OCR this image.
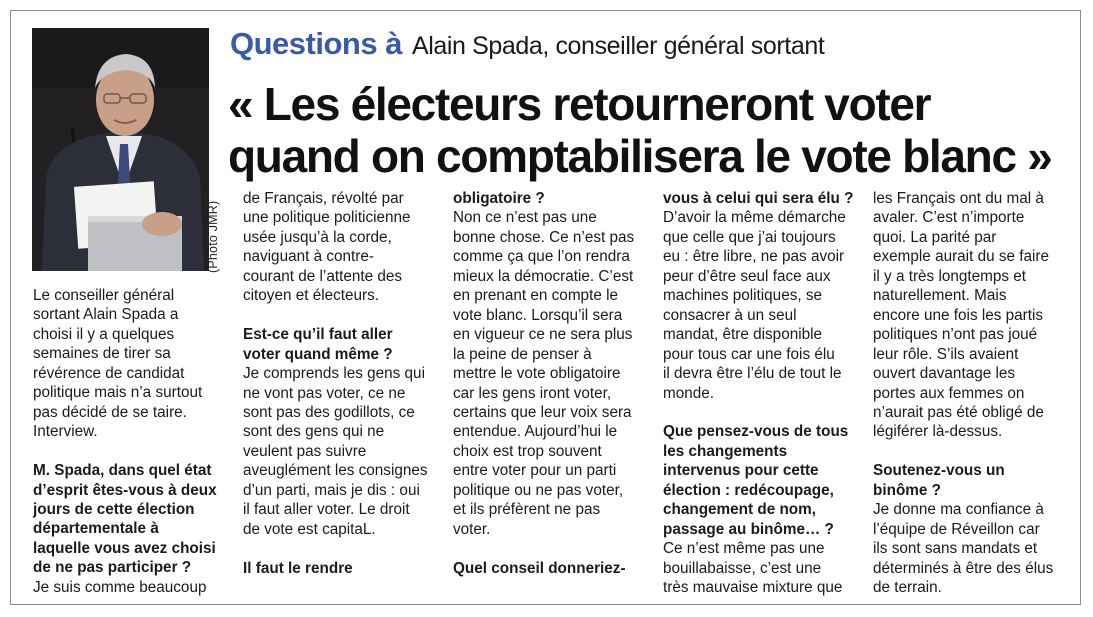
(Photo JMR)
Questions à Alain Spada, conseiller général sortant
« Les électeurs retourneront voter
quand on comptabilisera le vote blanc »
Le conseiller général
sortant Alain Spada a
choisi il y a quelques
semaines de tirer sa
révérence de candidat
politique mais n’a surtout
pas décidé de se taire.
Interview.
M. Spada, dans quel état
d’esprit êtes-vous à deux
jours de cette élection
départementale à
laquelle vous avez choisi
de ne pas participer ?
Je suis comme beaucoup
de Français, révolté par
une politique politicienne
usée jusqu’à la corde,
naviguant à contre-
courant de l’attente des
citoyen et électeurs.
Est-ce qu’il faut aller
voter quand même ?
Je comprends les gens qui
ne vont pas voter, ce ne
sont pas des godillots, ce
sont des gens qui ne
veulent pas suivre
aveuglément les consignes
d’un parti, mais je dis : oui
il faut aller voter. Le droit
de vote est capitaL.
Il faut le rendre
obligatoire ?
Non ce n’est pas une
bonne chose. Ce n’est pas
comme ça que l’on rendra
mieux la démocratie. C’est
en prenant en compte le
vote blanc. Lorsqu’il sera
en vigueur ce ne sera plus
la peine de penser à
mettre le vote obligatoire
car les gens iront voter,
certains que leur voix sera
entendue. Aujourd’hui le
choix est trop souvent
entre voter pour un parti
politique ou ne pas voter,
et ils préfèrent ne pas
voter.
Quel conseil donneriez-
vous à celui qui sera élu ?
D’avoir la même démarche
que celle que j’ai toujours
eu : être libre, ne pas avoir
peur d’être seul face aux
machines politiques, se
consacrer à un seul
mandat, être disponible
pour tous car une fois élu
il devra être l’élu de tout le
monde.
Que pensez-vous de tous
les changements
intervenus pour cette
élection : redécoupage,
changement de nom,
passage au binôme… ?
Ce n’est même pas une
bouillabaisse, c’est une
très mauvaise mixture que
les Français ont du mal à
avaler. C’est n’importe
quoi. La parité par
exemple aurait du se faire
il y a très longtemps et
naturellement. Mais
encore une fois les partis
politiques n’ont pas joué
leur rôle. S’ils avaient
ouvert davantage les
portes aux femmes on
n’aurait pas été obligé de
légiférer là-dessus.
Soutenez-vous un
binôme ?
Je donne ma confiance à
l’équipe de Réveillon car
ils sont sans mandats et
déterminés à être des élus
de terrain.
